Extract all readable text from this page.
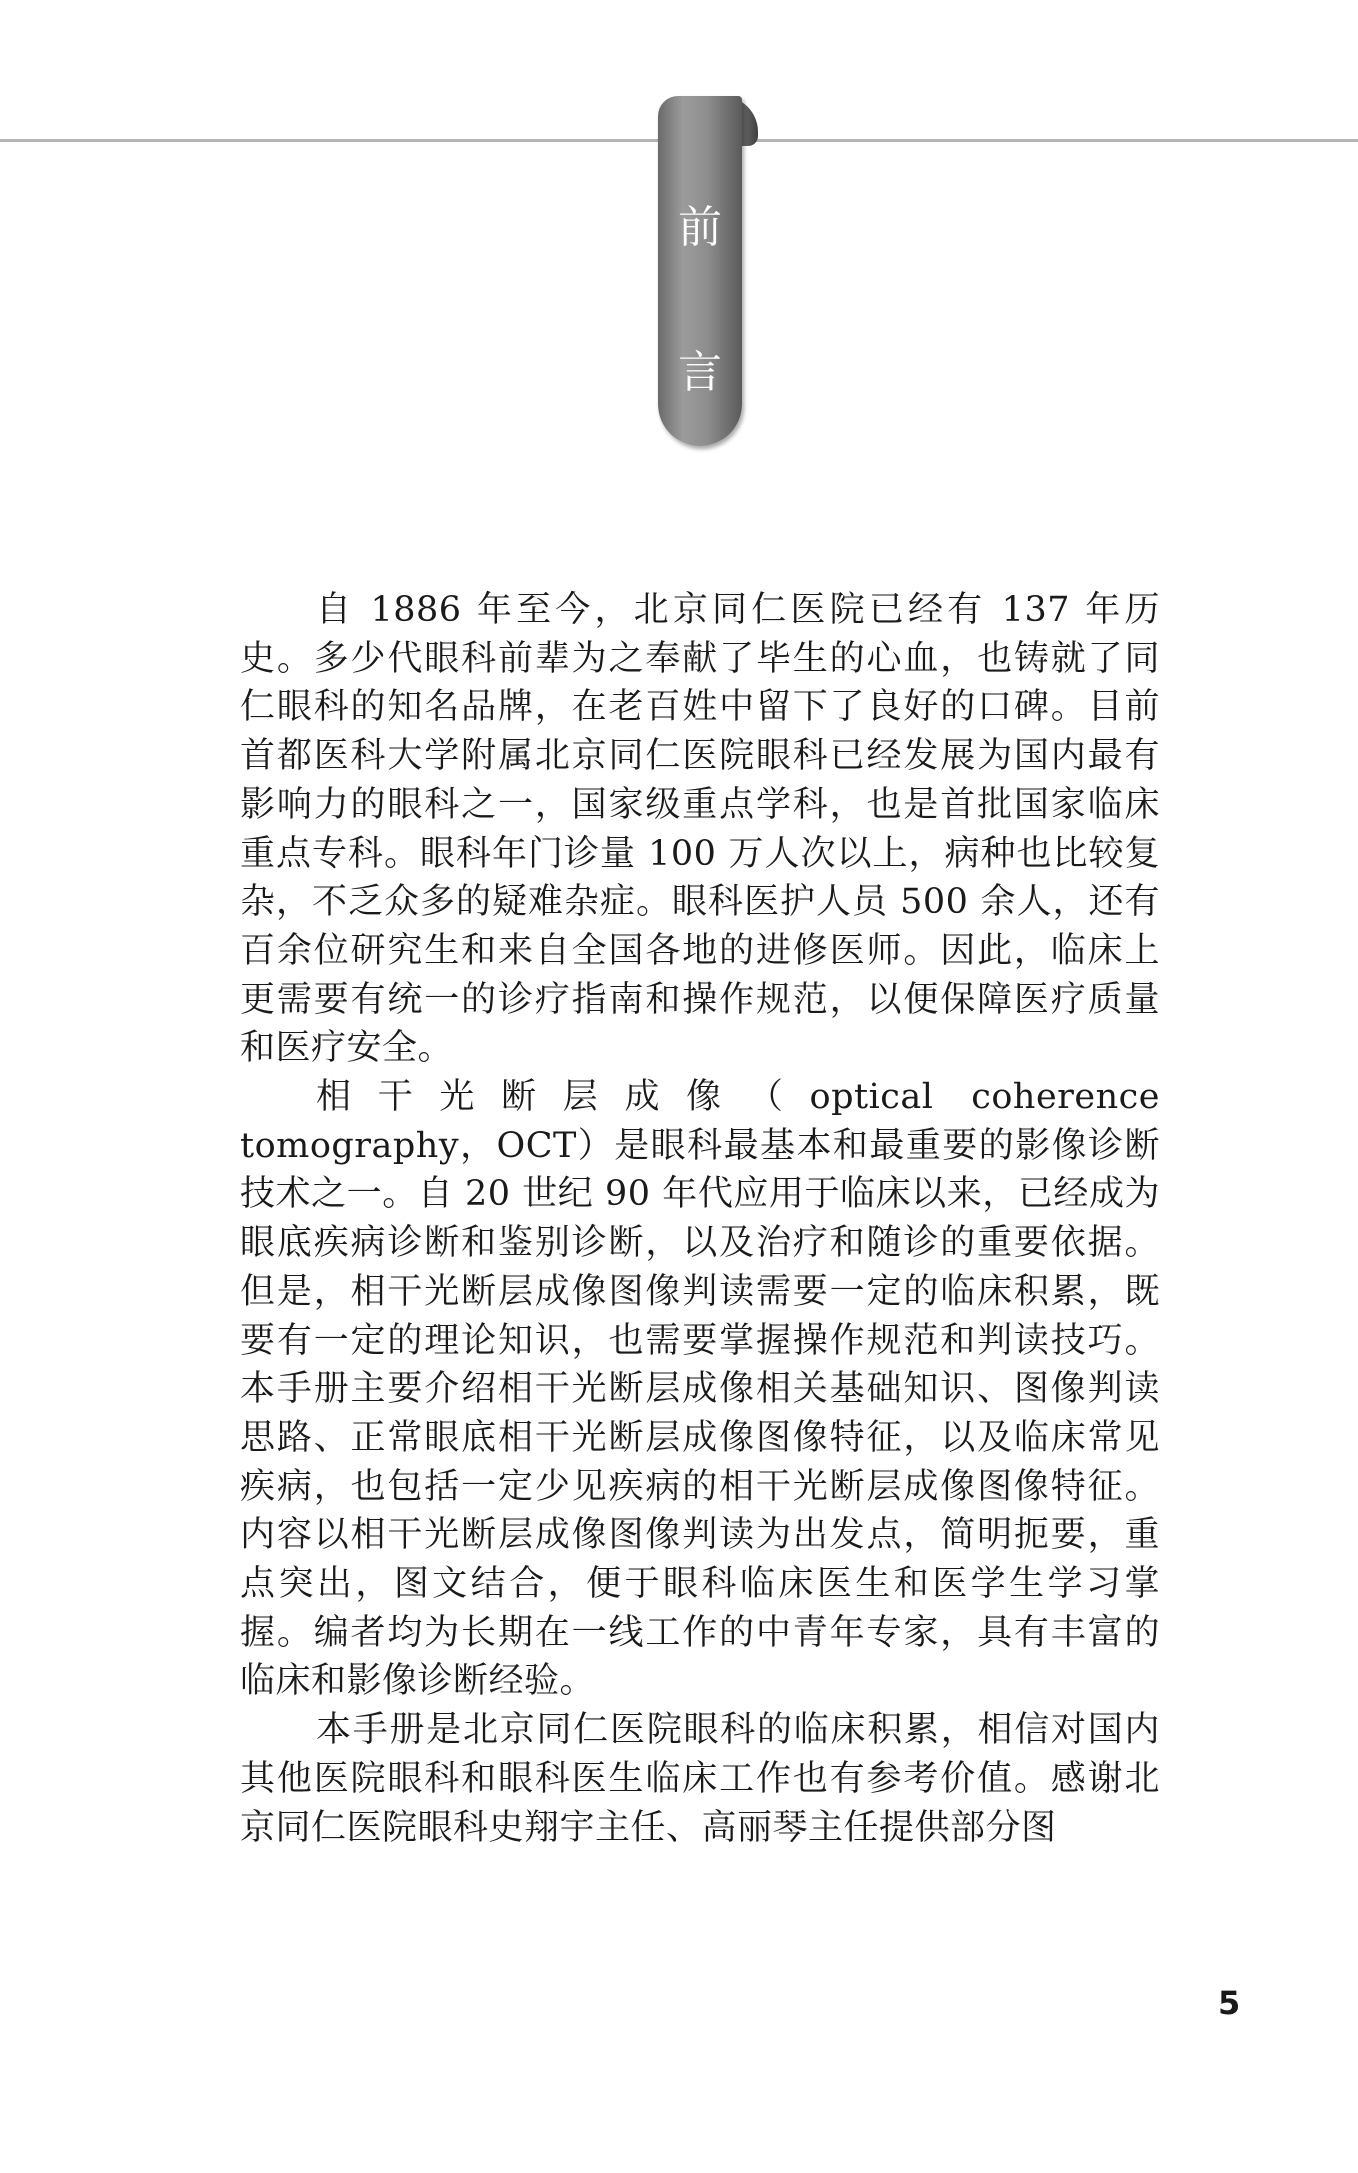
前
言

自 1886 年至今，北京同仁医院已经有 137 年历史。多少代眼科前辈为之奉献了毕生的心血，也铸就了同仁眼科的知名品牌，在老百姓中留下了良好的口碑。目前首都医科大学附属北京同仁医院眼科已经发展为国内最有影响力的眼科之一，国家级重点学科，也是首批国家临床重点专科。眼科年门诊量 100 万人次以上，病种也比较复杂，不乏众多的疑难杂症。眼科医护人员 500 余人，还有百余位研究生和来自全国各地的进修医师。因此，临床上更需要有统一的诊疗指南和操作规范，以便保障医疗质量和医疗安全。

相干光断层成像（optical coherence tomography，OCT）是眼科最基本和最重要的影像诊断技术之一。自 20 世纪 90 年代应用于临床以来，已经成为眼底疾病诊断和鉴别诊断，以及治疗和随诊的重要依据。但是，相干光断层成像图像判读需要一定的临床积累，既要有一定的理论知识，也需要掌握操作规范和判读技巧。本手册主要介绍相干光断层成像相关基础知识、图像判读思路、正常眼底相干光断层成像图像特征，以及临床常见疾病，也包括一定少见疾病的相干光断层成像图像特征。内容以相干光断层成像图像判读为出发点，简明扼要，重点突出，图文结合，便于眼科临床医生和医学生学习掌握。编者均为长期在一线工作的中青年专家，具有丰富的临床和影像诊断经验。

本手册是北京同仁医院眼科的临床积累，相信对国内其他医院眼科和眼科医生临床工作也有参考价值。感谢北京同仁医院眼科史翔宇主任、高丽琴主任提供部分图

5
